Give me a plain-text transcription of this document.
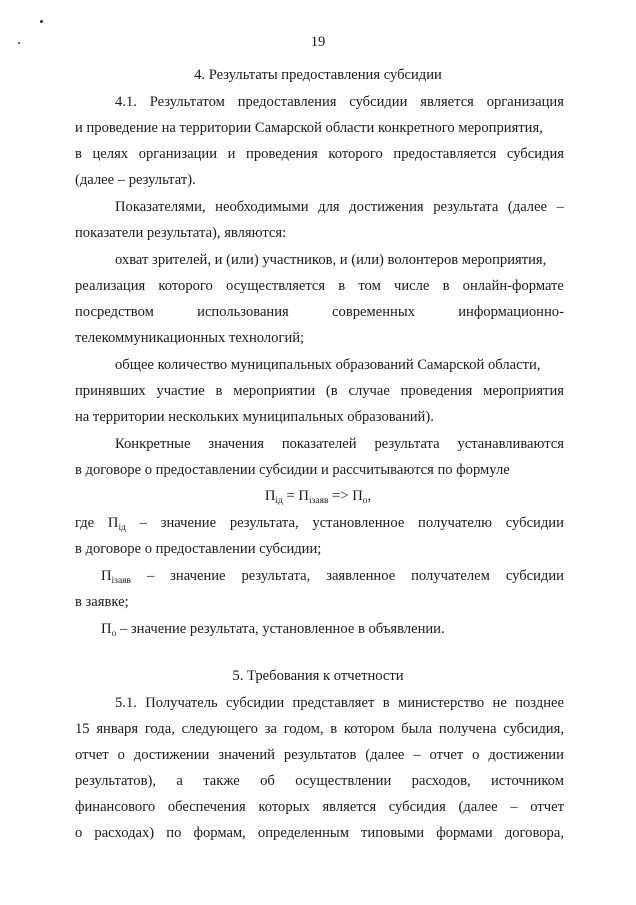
19
4. Результаты предоставления субсидии
4.1. Результатом предоставления субсидии является организация
и проведение на территории Самарской области конкретного мероприятия,
в целях организации и проведения которого предоставляется субсидия
(далее – результат).
Показателями, необходимыми для достижения результата (далее –
показатели результата), являются:
охват зрителей, и (или) участников, и (или) волонтеров мероприятия,
реализация которого осуществляется в том числе в онлайн-формате
посредством	использования	современных	информационно-
телекоммуникационных технологий;
общее количество муниципальных образований Самарской области,
принявших участие в мероприятии (в случае проведения мероприятия
на территории нескольких муниципальных образований).
Конкретные значения показателей результата устанавливаются
в договоре о предоставлении субсидии и рассчитываются по формуле
$П_{iд} = П_{iзаяв} => П_o$,
где $П_{iд}$ – значение результата, установленное получателю субсидии
в договоре о предоставлении субсидии;
$П_{iзаяв}$ – значение результата, заявленное получателем субсидии
в заявке;
$П_o$ – значение результата, установленное в объявлении.
5. Требования к отчетности
5.1. Получатель субсидии представляет в министерство не позднее
15 января года, следующего за годом, в котором была получена субсидия,
отчет о достижении значений результатов (далее – отчет о достижении
результатов), а также об осуществлении расходов, источником
финансового обеспечения которых является субсидия (далее – отчет
о расходах) по формам, определенным типовыми формами договора,
